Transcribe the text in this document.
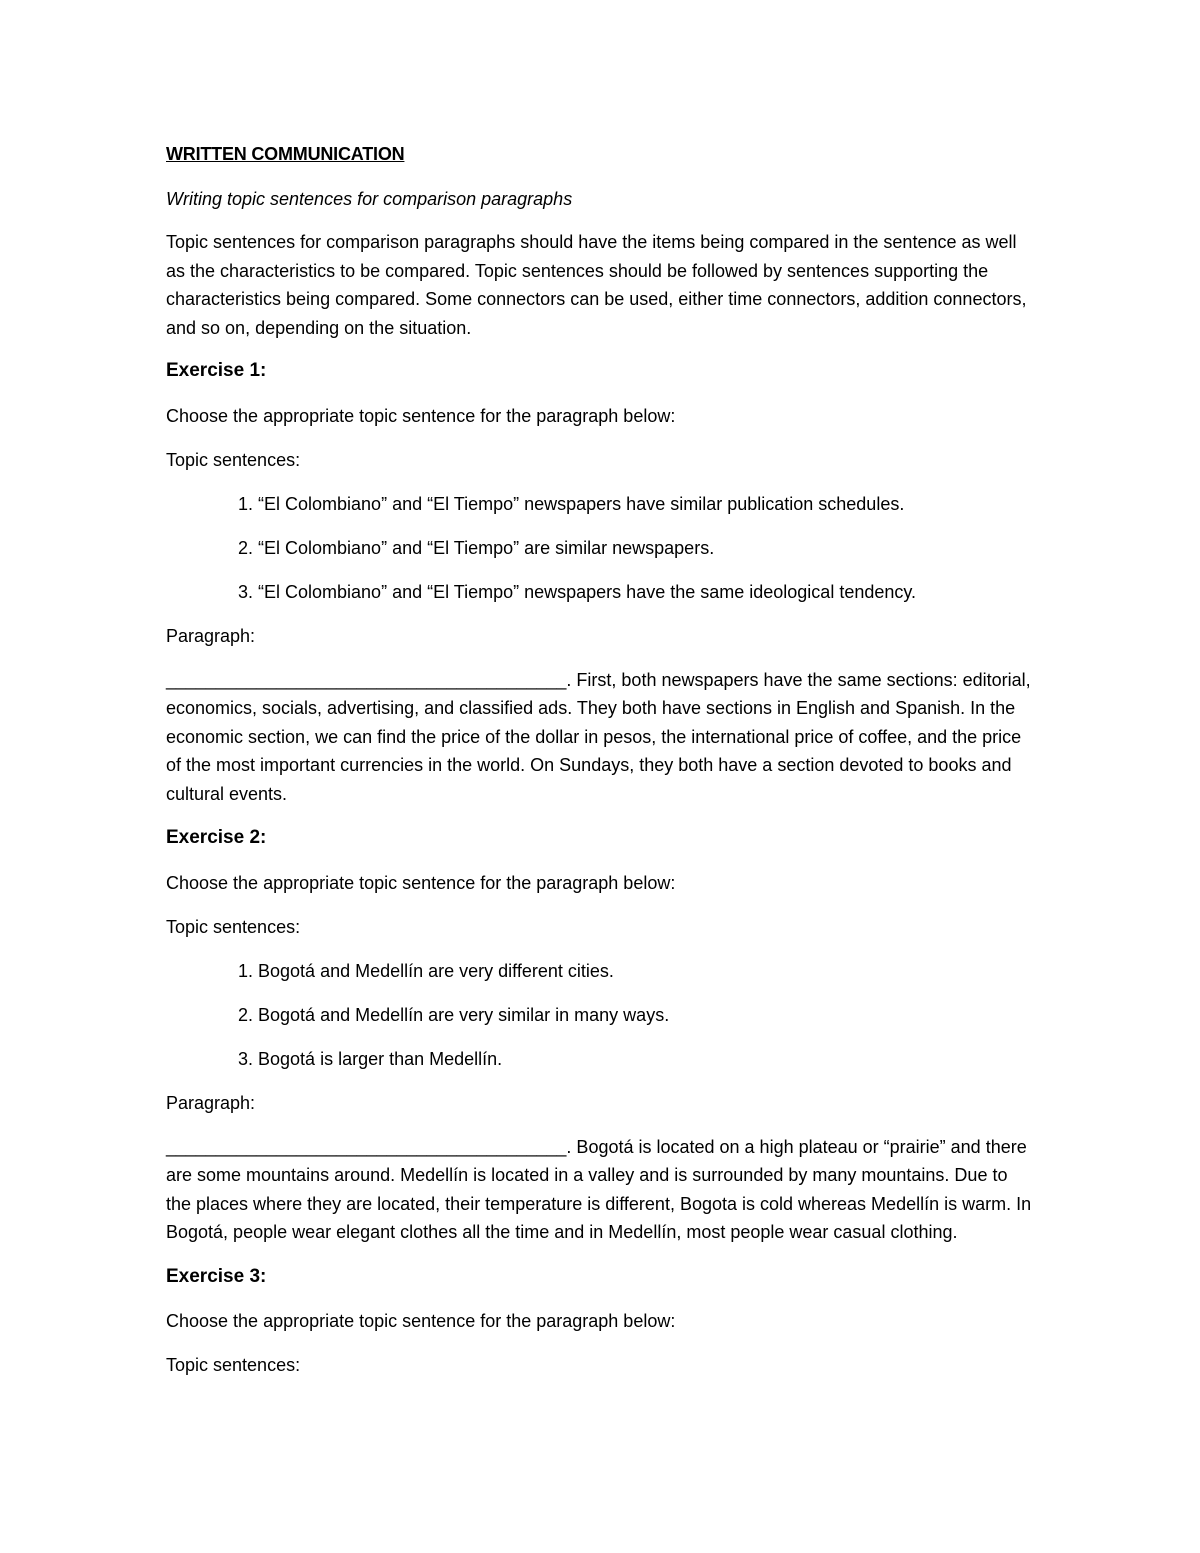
WRITTEN COMMUNICATION
Writing topic sentences for comparison paragraphs
Topic sentences for comparison paragraphs should have the items being compared in the sentence as well as the characteristics to be compared. Topic sentences should be followed by sentences supporting the characteristics being compared. Some connectors can be used, either time connectors, addition connectors, and so on, depending on the situation.
Exercise 1:
Choose the appropriate topic sentence for the paragraph below:
Topic sentences:
1. “El Colombiano” and “El Tiempo” newspapers have similar publication schedules.
2. “El Colombiano” and “El Tiempo” are similar newspapers.
3. “El Colombiano” and “El Tiempo” newspapers have the same ideological tendency.
Paragraph:
________________________________________. First, both newspapers have the same sections: editorial, economics, socials, advertising, and classified ads. They both have sections in English and Spanish. In the economic section, we can find the price of the dollar in pesos, the international price of coffee, and the price of the most important currencies in the world. On Sundays, they both have a section devoted to books and cultural events.
Exercise 2:
Choose the appropriate topic sentence for the paragraph below:
Topic sentences:
1. Bogotá and Medellín are very different cities.
2. Bogotá and Medellín are very similar in many ways.
3. Bogotá is larger than Medellín.
Paragraph:
________________________________________. Bogotá is located on a high plateau or “prairie” and there are some mountains around. Medellín is located in a valley and is surrounded by many mountains. Due to the places where they are located, their temperature is different, Bogota is cold whereas Medellín is warm. In Bogotá, people wear elegant clothes all the time and in Medellín, most people wear casual clothing.
Exercise 3:
Choose the appropriate topic sentence for the paragraph below:
Topic sentences:
